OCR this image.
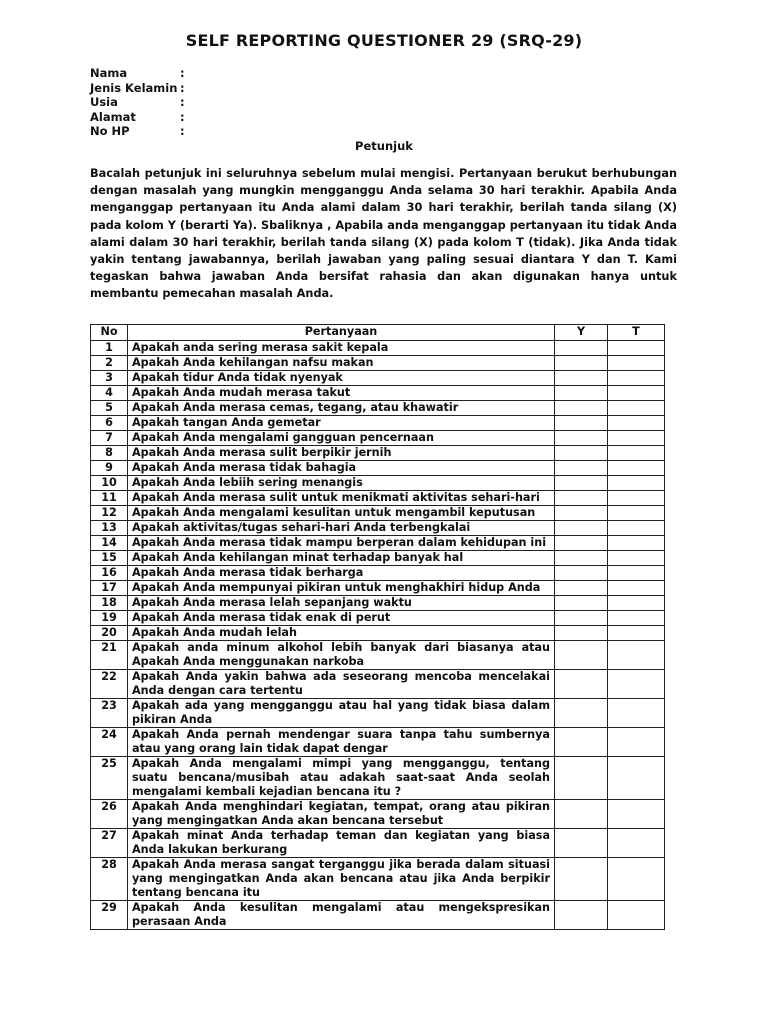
SELF REPORTING QUESTIONER 29 (SRQ-29)
Nama	:
Jenis Kelamin :
Usia	:
Alamat	:
No HP	:
Petunjuk

Bacalah petunjuk ini seluruhnya sebelum mulai mengisi. Pertanyaan berukut berhubungan dengan masalah yang mungkin mengganggu Anda selama 30 hari terakhir. Apabila Anda menganggap pertanyaan itu Anda alami dalam 30 hari terakhir, berilah tanda silang (X) pada kolom Y (berarti Ya). Sbaliknya , Apabila anda menganggap pertanyaan itu tidak Anda alami dalam 30 hari terakhir, berilah tanda silang (X) pada kolom T (tidak). Jika Anda tidak yakin tentang jawabannya, berilah jawaban yang paling sesuai diantara Y dan T. Kami tegaskan bahwa jawaban Anda bersifat rahasia dan akan digunakan hanya untuk membantu pemecahan masalah Anda.

No	Pertanyaan	Y	T
1	Apakah anda sering merasa sakit kepala		
2	Apakah Anda kehilangan nafsu makan		
3	Apakah tidur Anda tidak nyenyak		
4	Apakah Anda mudah merasa takut		
5	Apakah Anda merasa cemas, tegang, atau khawatir		
6	Apakah tangan Anda gemetar		
7	Apakah Anda mengalami gangguan pencernaan		
8	Apakah Anda merasa sulit berpikir jernih		
9	Apakah Anda merasa tidak bahagia		
10	Apakah Anda lebiih sering menangis		
11	Apakah Anda merasa sulit untuk menikmati aktivitas sehari-hari		
12	Apakah Anda mengalami kesulitan untuk mengambil keputusan		
13	Apakah aktivitas/tugas sehari-hari Anda terbengkalai		
14	Apakah Anda merasa tidak mampu berperan dalam kehidupan ini		
15	Apakah Anda kehilangan minat terhadap banyak hal		
16	Apakah Anda merasa tidak berharga		
17	Apakah Anda mempunyai pikiran untuk menghakhiri hidup Anda		
18	Apakah Anda merasa lelah sepanjang waktu		
19	Apakah Anda merasa tidak enak di perut		
20	Apakah Anda mudah lelah		
21	Apakah anda minum alkohol lebih banyak dari biasanya atau Apakah Anda menggunakan narkoba		
22	Apakah Anda yakin bahwa ada seseorang mencoba mencelakai Anda dengan cara tertentu		
23	Apakah ada yang mengganggu atau hal yang tidak biasa dalam pikiran Anda		
24	Apakah Anda pernah mendengar suara tanpa tahu sumbernya atau yang orang lain tidak dapat dengar		
25	Apakah Anda mengalami mimpi yang mengganggu, tentang suatu bencana/musibah atau adakah saat-saat Anda seolah mengalami kembali kejadian bencana itu ?		
26	Apakah Anda menghindari kegiatan, tempat, orang atau pikiran yang mengingatkan Anda akan bencana tersebut		
27	Apakah minat Anda terhadap teman dan kegiatan yang biasa Anda lakukan berkurang		
28	Apakah Anda merasa sangat terganggu jika berada dalam situasi yang mengingatkan Anda akan bencana atau jika Anda berpikir tentang bencana itu		
29	Apakah Anda kesulitan mengalami atau mengekspresikan perasaan Anda		
